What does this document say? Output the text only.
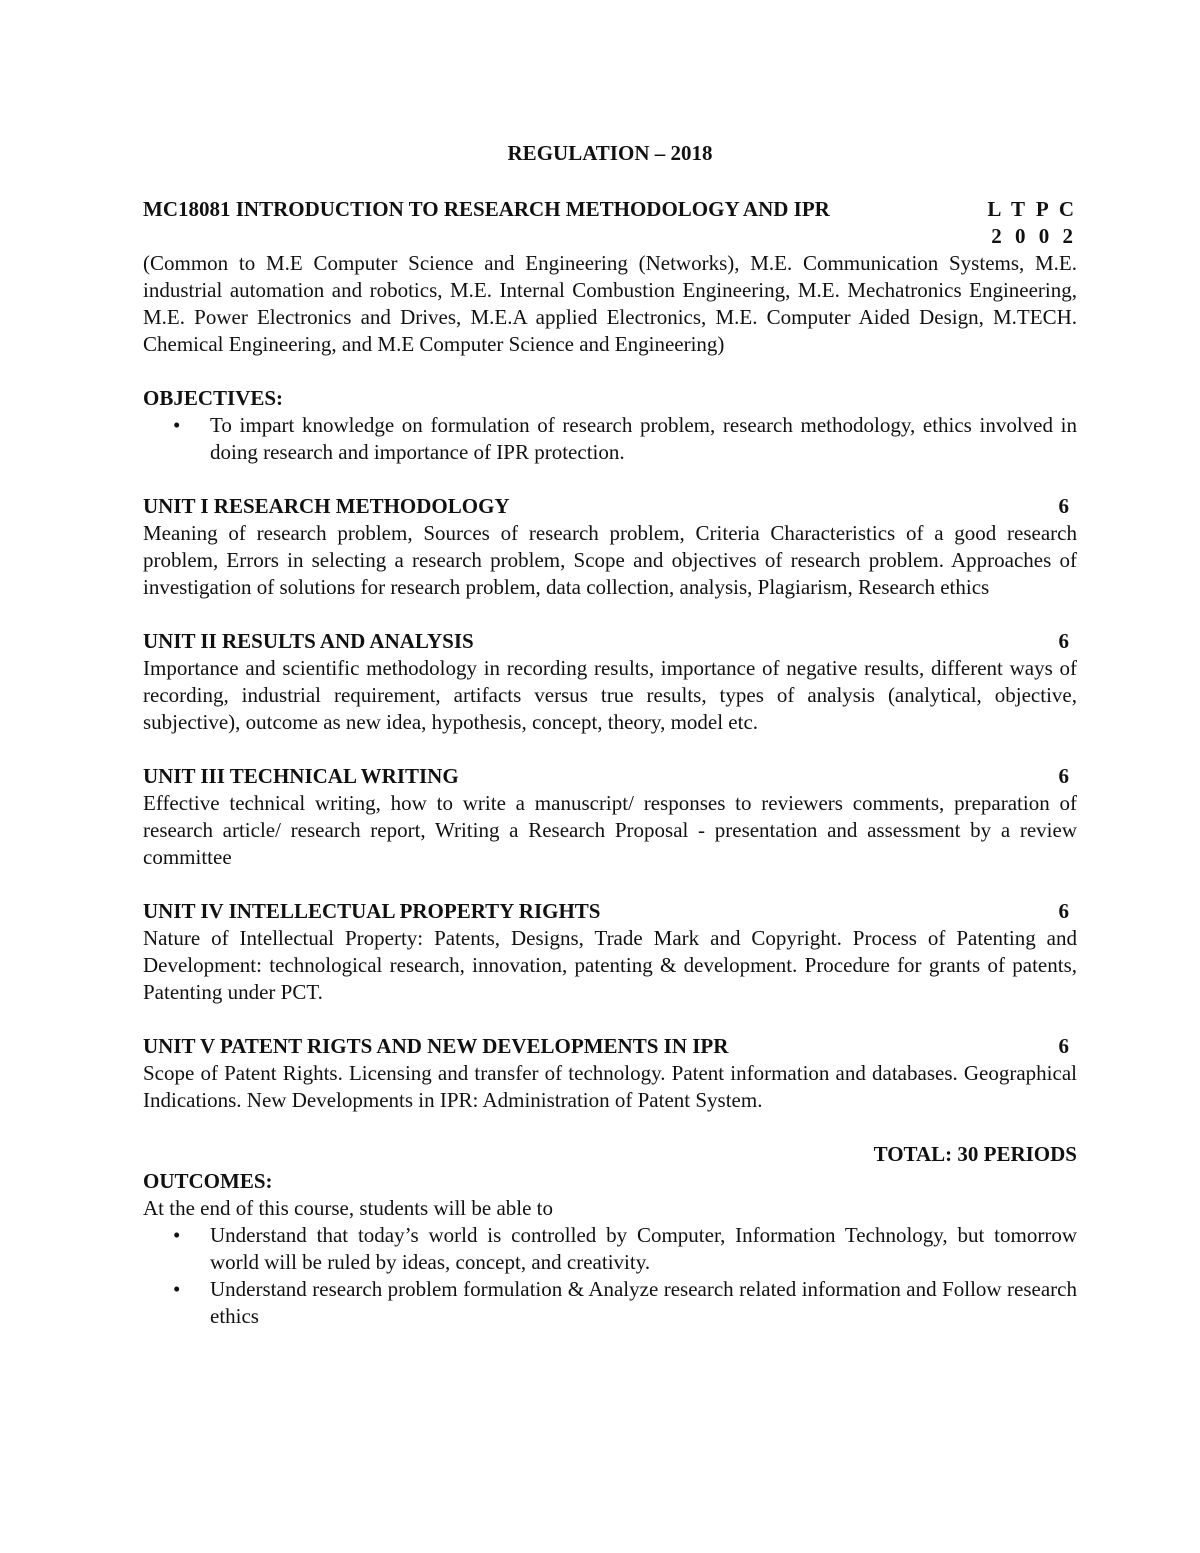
REGULATION – 2018
MC18081 INTRODUCTION TO RESEARCH METHODOLOGY AND IPR	L T P C
2 0 0 2

(Common to M.E Computer Science and Engineering (Networks), M.E. Communication Systems, M.E. industrial automation and robotics, M.E. Internal Combustion Engineering, M.E. Mechatronics Engineering, M.E. Power Electronics and Drives, M.E.A applied Electronics, M.E. Computer Aided Design, M.TECH. Chemical Engineering, and M.E Computer Science and Engineering)

OBJECTIVES:
• To impart knowledge on formulation of research problem, research methodology, ethics involved in doing research and importance of IPR protection.
UNIT I RESEARCH METHODOLOGY	6

Meaning of research problem, Sources of research problem, Criteria Characteristics of a good research problem, Errors in selecting a research problem, Scope and objectives of research problem. Approaches of investigation of solutions for research problem, data collection, analysis, Plagiarism, Research ethics

UNIT II RESULTS AND ANALYSIS	6

Importance and scientific methodology in recording results, importance of negative results, different ways of recording, industrial requirement, artifacts versus true results, types of analysis (analytical, objective, subjective), outcome as new idea, hypothesis, concept, theory, model etc.

UNIT III TECHNICAL WRITING	6

Effective technical writing, how to write a manuscript/ responses to reviewers comments, preparation of research article/ research report, Writing a Research Proposal - presentation and assessment by a review committee

UNIT IV INTELLECTUAL PROPERTY RIGHTS	6

Nature of Intellectual Property: Patents, Designs, Trade Mark and Copyright. Process of Patenting and Development: technological research, innovation, patenting & development. Procedure for grants of patents, Patenting under PCT.

UNIT V PATENT RIGTS AND NEW DEVELOPMENTS IN IPR	6

Scope of Patent Rights. Licensing and transfer of technology. Patent information and databases. Geographical Indications. New Developments in IPR: Administration of Patent System.

TOTAL: 30 PERIODS
OUTCOMES:
At the end of this course, students will be able to
• Understand that today’s world is controlled by Computer, Information Technology, but tomorrow world will be ruled by ideas, concept, and creativity.
• Understand research problem formulation & Analyze research related information and Follow research ethics
